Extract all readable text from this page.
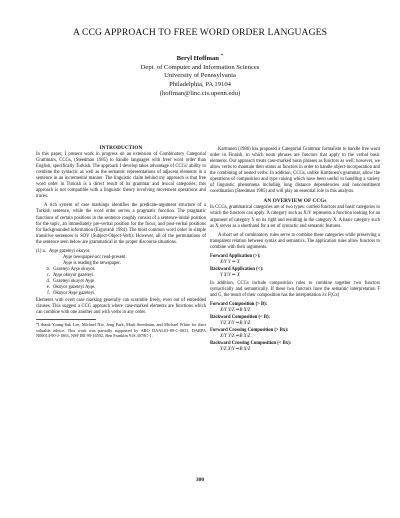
A CCG APPROACH TO FREE WORD ORDER LANGUAGES
Beryl Hoffman *
Dept. of Computer and Information Sciences
University of Pennsylvania
Philadelphia, PA 19104
(hoffman@linc.cis.upenn.edu)
INTRODUCTION

In this paper, I present work in progress on an extension of Combinatory Categorial Grammars, CCGs, (Steedman 1985) to handle languages with freer word order than English, specifically Turkish. The approach I develop takes advantage of CCGs' ability to combine the syntactic as well as the semantic representations of adjacent elements in a sentence in an incremental manner. The linguistic claim behind my approach is that free word order in Turkish is a direct result of its grammar and lexical categories; this approach is not compatible with a linguistic theory involving movement operations and traces.

A rich system of case markings identifies the predicate-argument structure of a Turkish sentence, while the word order serves a pragmatic function. The pragmatic functions of certain positions in the sentence roughly consist of a sentence-initial position for the topic, an immediately pre-verbal position for the focus, and post-verbal positions for backgrounded information (Erguvanli 1984). The most common word order in simple transitive sentences is SOV (Subject-Object-Verb). However, all of the permutations of the sentence seen below are grammatical in the proper discourse situations.

(1) a. Ayşe gazeteyi okuyor.
Ayşe newspaper-acc read-present.
Ayşe is reading the newspaper.
b. Gazeteyi Ayşe okuyor.
c. Ayşe okuyor gazeteyi.
d. Gazeteyi okuyor Ayşe.
e. Okuyor gazeteyi Ayşe.
f. Okuyor Ayşe gazeteyi.

Elements with overt case marking generally can scramble freely, even out of embedded clauses. This suggest a CCG approach where case-marked elements are functions which can combine with one another and with verbs in any order.

*I thank Young-Suk Lee, Michael Niv, Jong Park, Mark Steedman, and Michael White for their valuable advice. This work was partially supported by ARO DAAL03-89-C-0031, DARPA N00014-90-J-1863, NSF IRI 90-16592, Ben Franklin 91S.3078C-1.

Karttunen (1986) has proposed a Categorial Grammar formalism to handle free word order in Finnish, in which noun phrases are functors that apply to the verbal basic elements. Our approach treats case-marked noun phrases as functors as well; however, we allow verbs to maintain their status as functors in order to handle object-incorporation and the combining of nested verbs. In addition, CCGs, unlike Karttunen's grammar, allow the operations of composition and type raising which have been useful in handling a variety of linguistic phenomena including long distance dependencies and nonconstituent coordination (Steedman 1985) and will play an essential role in this analysis.

AN OVERVIEW OF CCGs

In CCGs, grammatical categories are of two types: curried functors and basic categories to which the functors can apply. A category such as X/Y represents a function looking for an argument of category Y on its right and resulting in the category X. A basic category such as X serves as a shorthand for a set of syntactic and semantic features.

A short set of combinatory rules serve to combine these categories while preserving a transparent relation between syntax and semantics. The application rules allow functors to combine with their arguments.

Forward Application (>):
X/Y Y ⇒ X
Backward Application (<):
Y X\Y ⇒ X

In addition, CCGs include composition rules to combine together two functors syntactically and semantically. If these two functors have the semantic interpretation F and G, the result of their composition has the interpretation λx F(Gx)

Forward Composition (> B):
X/Y Y/Z ⇒B X/Z
Backward Composition (< B):
Y\Z X\Y ⇒B X\Z
Forward Crossing Composition (> Bx):
X/Y Y\Z ⇒B X\Z
Backward Crossing Composition (< Bx):
Y/Z X\Y ⇒B X/Z
300
